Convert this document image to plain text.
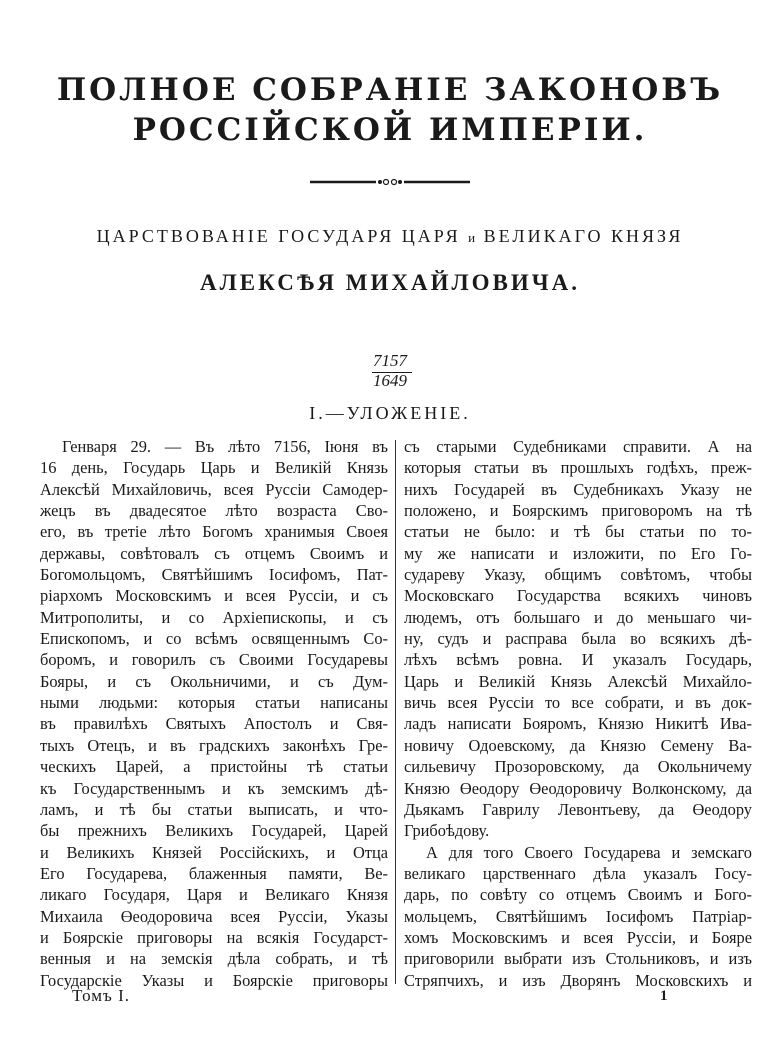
ПОЛНОЕ СОБРАНІЕ ЗАКОНОВЪ
РОССІЙСКОЙ ИМПЕРІИ.
ЦАРСТВОВАНІЕ ГОСУДАРЯ ЦАРЯ и ВЕЛИКАГО КНЯЗЯ
АЛЕКСѢЯ МИХАЙЛОВИЧА.
7157
1649
I.—УЛОЖЕНІЕ.
Генваря 29. — Въ лѣто 7156, Іюня въ
16 день, Государь Царь и Великій Князь
Алексѣй Михайловичь, всея Руссіи Самодер-
жецъ въ двадесятое лѣто возраста Сво-
его, въ третіе лѣто Богомъ хранимыя Своея
державы, совѣтовалъ съ отцемъ Своимъ и
Богомольцомъ, Святѣйшимъ Іосифомъ, Пат-
ріархомъ Московскимъ и всея Руссіи, и съ
Митрополиты, и со Архіепископы, и съ
Епископомъ, и со всѣмъ освященнымъ Со-
боромъ, и говорилъ съ Своими Государевы
Бояры, и съ Окольничими, и съ Дум-
ными людьми: которыя статьи написаны
въ правилѣхъ Святыхъ Апостолъ и Свя-
тыхъ Отецъ, и въ градскихъ законѣхъ Гре-
ческихъ Царей, а пристойны тѣ статьи
къ Государственнымъ и къ земскимъ дѣ-
ламъ, и тѣ бы статьи выписать, и что-
бы прежнихъ Великихъ Государей, Царей
и Великихъ Князей Россійскихъ, и Отца
Его Государева, блаженныя памяти, Ве-
ликаго Государя, Царя и Великаго Князя
Михаила Өеодоровича всея Руссіи, Указы
и Боярскіе приговоры на всякія Государст-
венныя и на земскія дѣла собрать, и тѣ
Государскіе Указы и Боярскіе приговоры
съ старыми Судебниками справити. А на
которыя статьи въ прошлыхъ годѣхъ, преж-
нихъ Государей въ Судебникахъ Указу не
положено, и Боярскимъ приговоромъ на тѣ
статьи не было: и тѣ бы статьи по то-
му же написати и изложити, по Его Го-
судареву Указу, общимъ совѣтомъ, чтобы
Московскаго Государства всякихъ чиновъ
людемъ, отъ большаго и до меньшаго чи-
ну, судъ и расправа была во всякихъ дѣ-
лѣхъ всѣмъ ровна. И указалъ Государь,
Царь и Великій Князь Алексѣй Михайло-
вичь всея Руссіи то все собрати, и въ док-
ладъ написати Бояромъ, Князю Никитѣ Ива-
новичу Одоевскому, да Князю Семену Ва-
сильевичу Прозоровскому, да Окольничему
Князю Өеодору Өеодоровичу Волконскому, да
Дьякамъ Гаврилу Левонтьеву, да Өеодору
Грибоѣдову.
А для того Своего Государева и земскаго
великаго царственнаго дѣла указалъ Госу-
дарь, по совѣту со отцемъ Своимъ и Бого-
мольцемъ, Святѣйшимъ Іосифомъ Патріар-
хомъ Московскимъ и всея Руссіи, и Боярe
приговорили выбрати изъ Стольниковъ, и изъ
Стряпчихъ, и изъ Дворянъ Московскихъ и
Томъ I.	1
